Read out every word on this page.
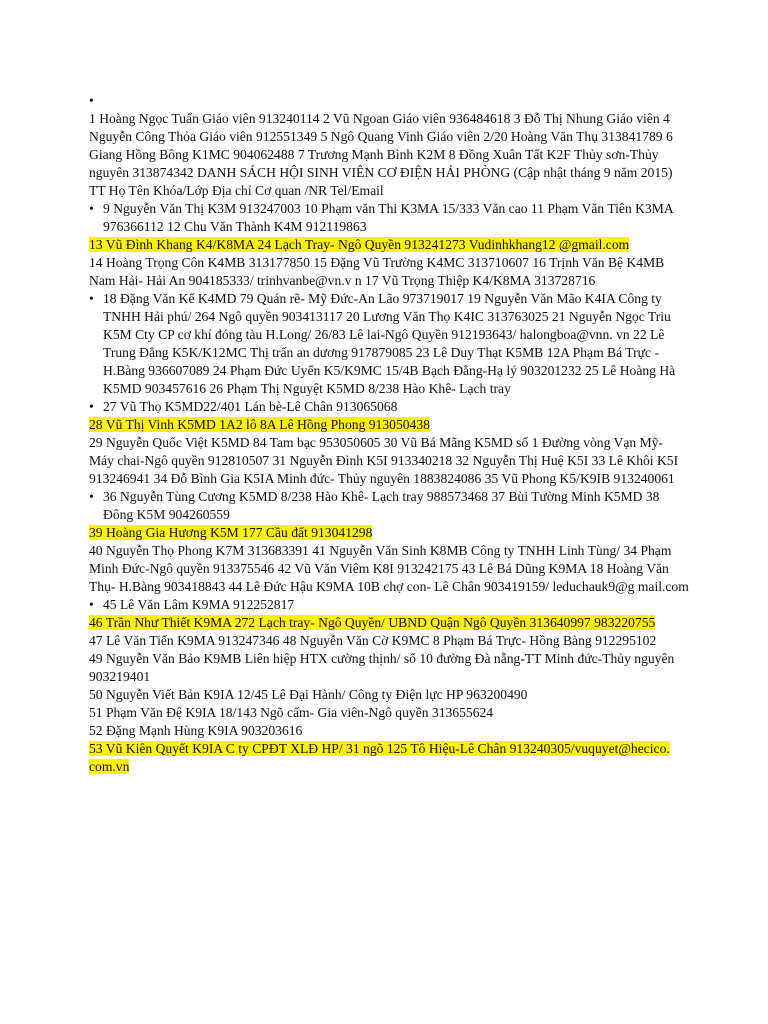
•
1 Hoàng Ngọc Tuấn Giáo viên 913240114 2 Vũ Ngoan Giáo viên 936484618 3 Đỗ Thị Nhung Giáo viên 4 Nguyễn Công Thỏa Giáo viên 912551349 5 Ngô Quang Vinh Giáo viên 2/20 Hoàng Văn Thụ 313841789 6 Giang Hồng Bông K1MC 904062488 7 Trương Mạnh Bình K2M 8 Đồng Xuân Tất K2F Thủy sơn-Thủy nguyên 313874342 DANH SÁCH HỘI SINH VIÊN CƠ ĐIỆN HẢI PHÒNG (Cập nhật tháng 9 năm 2015) TT Họ Tên Khóa/Lớp Địa chỉ Cơ quan /NR Tel/Email
• 9 Nguyễn Văn Thị K3M 913247003 10 Phạm văn Thi K3MA 15/333 Văn cao 11 Phạm Văn Tiên K3MA 976366112 12 Chu Văn Thành K4M 912119863
13 Vũ Đình Khang K4/K8MA 24 Lạch Tray- Ngô Quyền 913241273 Vudinhkhang12 @gmail.com
14 Hoàng Trọng Côn K4MB 313177850 15 Đặng Vũ Trường K4MC 313710607 16 Trịnh Văn Bệ K4MB Nam Hải- Hải An 904185333/ trinhvanbe@vn.v n 17 Vũ Trọng Thiệp K4/K8MA 313728716
• 18 Đặng Văn Kế K4MD 79 Quán rẽ- Mỹ Đức-An Lão 973719017 19 Nguyễn Văn Mão K4IA Công ty TNHH Hải phú/ 264 Ngô quyền 903413117 20 Lương Văn Thọ K4IC 313763025 21 Nguyễn Ngọc Triu K5M Cty CP cơ khí đóng tàu H.Long/ 26/83 Lê lai-Ngô Quyền 912193643/ halongboa@vnn. vn 22 Lê Trung Đẳng K5K/K12MC Thị trấn an dương 917879085 23 Lê Duy Thạt K5MB 12A Phạm Bá Trực -H.Bàng 936607089 24 Phạm Đức Uyển K5/K9MC 15/4B Bạch Đằng-Hạ lý 903201232 25 Lê Hoàng Hà K5MD 903457616 26 Phạm Thị Nguyệt K5MD 8/238 Hào Khê- Lạch tray
• 27 Vũ Thọ K5MD22/401 Lán bè-Lê Chân 913065068
28 Vũ Thị Vinh K5MD 1A2 lô 8A Lê Hồng Phong 913050438
29 Nguyễn Quốc Việt K5MD 84 Tam bạc 953050605 30 Vũ Bá Mãng K5MD số 1 Đường vòng Vạn Mỹ- Máy chai-Ngô quyền 912810507 31 Nguyễn Đình K5I 913340218 32 Nguyễn Thị Huệ K5I 33 Lê Khôi K5I 913246941 34 Đỗ Bình Gia K5IA Minh đức- Thủy nguyên 1883824086 35 Vũ Phong K5/K9IB 913240061
• 36 Nguyễn Tùng Cương K5MD 8/238 Hào Khê- Lạch tray 988573468 37 Bùi Tường Minh K5MD 38 Đông K5M 904260559
39 Hoàng Gia Hương K5M 177 Cầu đất 913041298
40 Nguyễn Thọ Phong K7M 313683391 41 Nguyễn Văn Sinh K8MB Công ty TNHH Linh Tùng/ 34 Phạm Minh Đức-Ngô quyền 913375546 42 Vũ Văn Viêm K8I 913242175 43 Lê Bá Dũng K9MA 18 Hoàng Văn Thụ- H.Bàng 903418843 44 Lê Đức Hậu K9MA 10B chợ con- Lê Chân 903419159/ leduchauk9@g mail.com
• 45 Lê Văn Lâm K9MA 912252817
46 Trần Như Thiết K9MA 272 Lạch tray- Ngô Quyền/ UBND Quận Ngô Quyền 313640997 983220755
47 Lê Văn Tiến K9MA 913247346 48 Nguyễn Văn Cờ K9MC 8 Phạm Bá Trực- Hồng Bàng 912295102
49 Nguyễn Văn Bảo K9MB Liên hiệp HTX cường thịnh/ số 10 đường Đà nẵng-TT Minh đức-Thủy nguyên 903219401
50 Nguyễn Viết Bản K9IA 12/45 Lê Đại Hành/ Công ty Điện lực HP 963200490
51 Phạm Văn Đệ K9IA 18/143 Ngõ cấm- Gia viên-Ngô quyền 313655624
52 Đặng Mạnh Hùng K9IA 903203616
53 Vũ Kiên Quyết K9IA C ty CPĐT XLĐ HP/ 31 ngõ 125 Tô Hiệu-Lê Chân 913240305/vuquyet@hecico. com.vn
